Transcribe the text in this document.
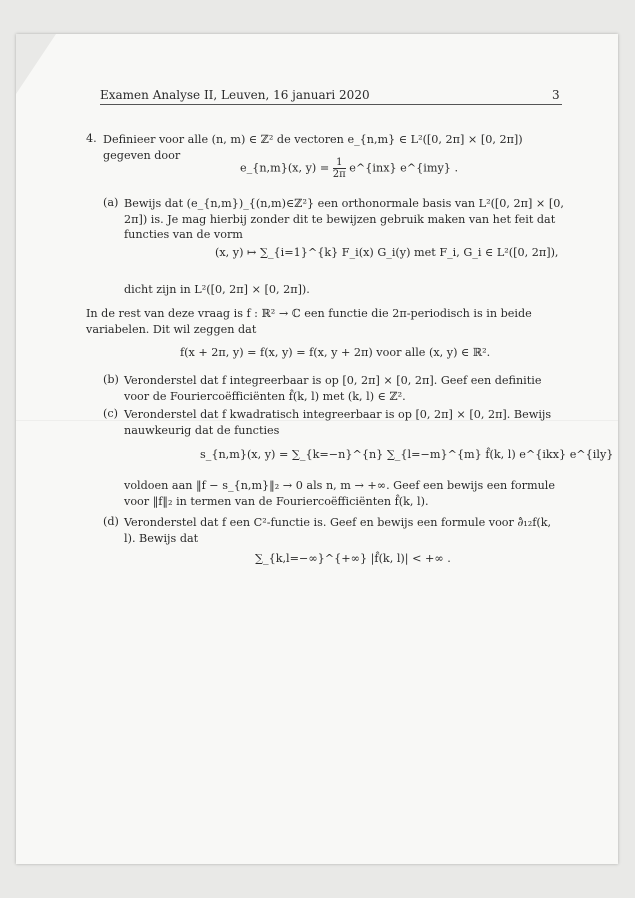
Examen Analyse II, Leuven, 16 januari 2020	3
4. Definieer voor alle (n, m) ∈ ℤ² de vectoren e_{n,m} ∈ L²([0, 2π] × [0, 2π]) gegeven door
e_{n,m}(x, $y) = \frac{1}{2\pi}$ e^{inx} e^{imy} .
(a) Bewijs dat (e_{n,m})_{(n,m)∈ℤ²} een orthonormale basis van L²([0, 2π] × [0, 2π]) is. Je mag hierbij zonder dit te bewijzen gebruik maken van het feit dat functies van de vorm
(x, y) ↦ ∑_{i=1}^{k} F_i(x) G_i(y) met F_i, G_i ∈ L²([0, 2π]),
dicht zijn in L²([0, 2π] × [0, 2π]).
In de rest van deze vraag is f : ℝ² → ℂ een functie die 2π-periodisch is in beide variabelen. Dit wil zeggen dat
f(x + 2π, y) = f(x, y) = f(x, y + 2π) voor alle (x, y) ∈ ℝ².
(b) Veronderstel dat f integreerbaar is op [0, 2π] × [0, 2π]. Geef een definitie voor de Fouriercoëfficiënten f̂(k, l) met (k, l) ∈ ℤ².
(c) Veronderstel dat f kwadratisch integreerbaar is op [0, 2π] × [0, 2π]. Bewijs nauwkeurig dat de functies
s_{n,m}(x, y) = ∑_{k=−n}^{n} ∑_{l=−m}^{m} f̂(k, l) e^{ikx} e^{ily}
voldoen aan ‖f − s_{n,m}‖₂ → 0 als n, m → +∞. Geef een bewijs een formule voor ‖f‖₂ in termen van de Fouriercoëfficiënten f̂(k, l).
(d) Veronderstel dat f een C²-functie is. Geef en bewijs een formule voor ∂̂₁₂f(k, l). Bewijs dat
∑_{k,l=−∞}^{+∞} |f̂(k, l)| < +∞ .
